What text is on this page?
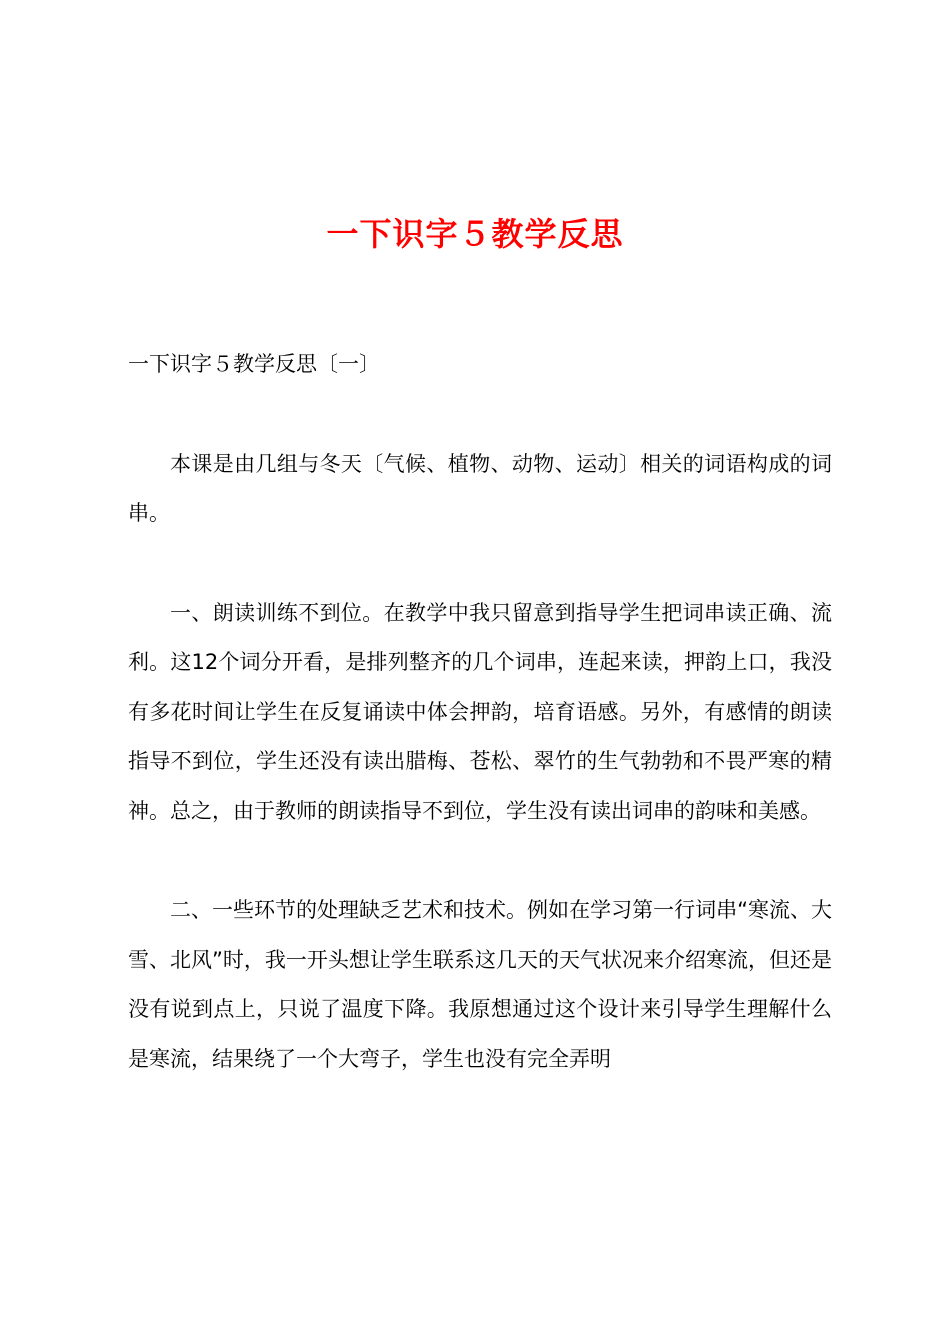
一下识字５教学反思

一下识字５教学反思〔一〕

本课是由几组与冬天〔气候、植物、动物、运动〕相关的词语构成的词串。

一、朗读训练不到位。在教学中我只留意到指导学生把词串读正确、流利。这12个词分开看，是排列整齐的几个词串，连起来读，押韵上口，我没有多花时间让学生在反复诵读中体会押韵，培育语感。另外，有感情的朗读指导不到位，学生还没有读出腊梅、苍松、翠竹的生气勃勃和不畏严寒的精神。总之，由于教师的朗读指导不到位，学生没有读出词串的韵味和美感。

二、一些环节的处理缺乏艺术和技术。例如在学习第一行词串“寒流、大雪、北风”时，我一开头想让学生联系这几天的天气状况来介绍寒流，但还是没有说到点上，只说了温度下降。我原想通过这个设计来引导学生理解什么是寒流，结果绕了一个大弯子，学生也没有完全弄明
